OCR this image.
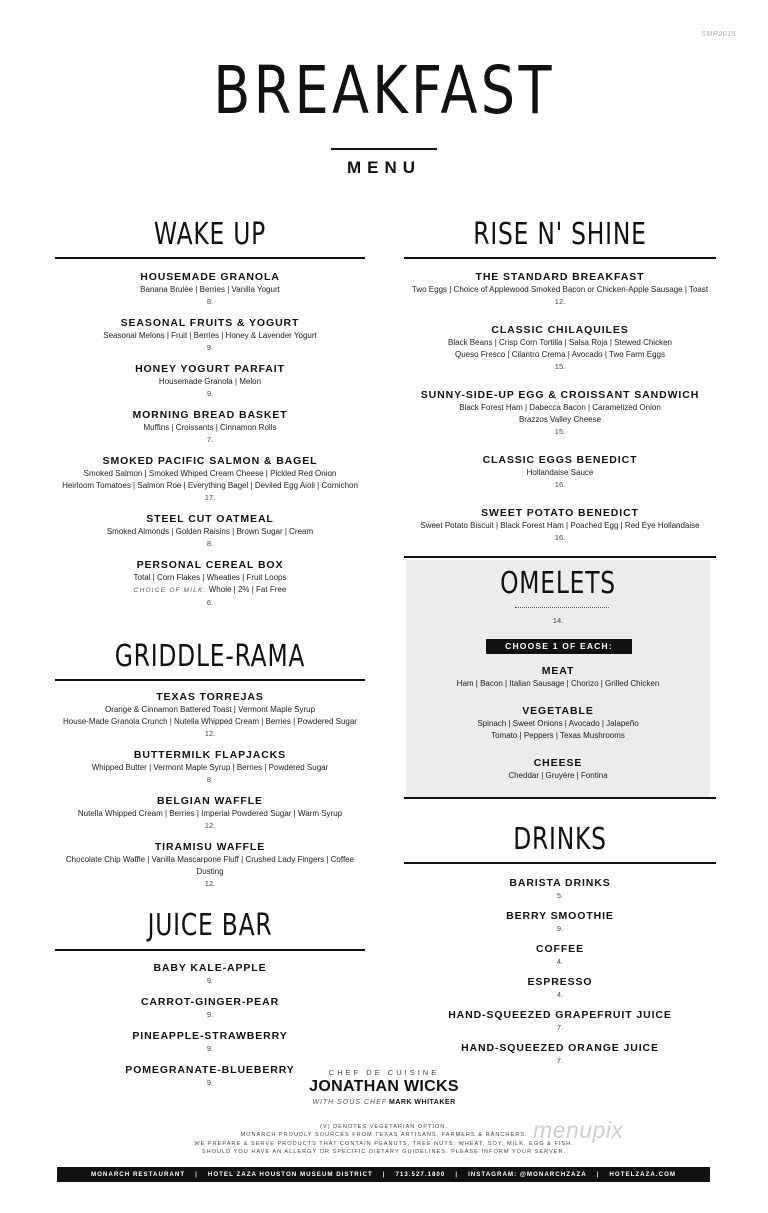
SMR2015
BREAKFAST
MENU
WAKE UP
HOUSEMADE GRANOLA
Banana Brulée | Berries | Vanilla Yogurt
8.
SEASONAL FRUITS & YOGURT
Seasonal Melons | Fruit | Berries | Honey & Lavender Yogurt
9.
HONEY YOGURT PARFAIT
Housemade Granola | Melon
9.
MORNING BREAD BASKET
Muffins | Croissants | Cinnamon Rolls
7.
SMOKED PACIFIC SALMON & BAGEL
Smoked Salmon | Smoked Whiped Cream Cheese | Pickled Red Onion
Heirloom Tomatoes | Salmon Roe | Everything Bagel | Deviled Egg Aioli | Cornichon
17.
STEEL CUT OATMEAL
Smoked Almonds | Golden Raisins | Brown Sugar | Cream
8.
PERSONAL CEREAL BOX
Total | Corn Flakes | Wheaties | Fruit Loops
CHOICE OF MILK: Whole | 2% | Fat Free
6.
GRIDDLE-RAMA
TEXAS TORREJAS
Orange & Cinnamon Battered Toast | Vermont Maple Syrup
House-Made Granola Crunch | Nutella Whipped Cream | Berries | Powdered Sugar
12.
BUTTERMILK FLAPJACKS
Whipped Butter | Vermont Maple Syrup | Berries | Powdered Sugar
8.
BELGIAN WAFFLE
Nutella Whipped Cream | Berries | Imperial Powdered Sugar | Warm Syrup
12.
TIRAMISU WAFFLE
Chocolate Chip Waffle | Vanilla Mascarpone Fluff | Crushed Lady Fingers | Coffee Dusting
12.
JUICE BAR
BABY KALE-APPLE
9.
CARROT-GINGER-PEAR
9.
PINEAPPLE-STRAWBERRY
9.
POMEGRANATE-BLUEBERRY
9.
RISE N' SHINE
THE STANDARD BREAKFAST
Two Eggs | Choice of Applewood Smoked Bacon or Chicken-Apple Sausage | Toast
12.
CLASSIC CHILAQUILES
Black Beans | Crisp Corn Tortilla | Salsa Roja | Stewed Chicken
Queso Fresco | Cilantro Crema | Avocado | Two Farm Eggs
15.
SUNNY-SIDE-UP EGG & CROISSANT SANDWICH
Black Forest Ham | Dabecca Bacon | Caramelized Onion
Brazzos Valley Cheese
15.
CLASSIC EGGS BENEDICT
Hollandaise Sauce
16.
SWEET POTATO BENEDICT
Sweet Potato Biscuit | Black Forest Ham | Poached Egg | Red Eye Hollandaise
16.
OMELETS
14.
CHOOSE 1 OF EACH:
MEAT
Ham | Bacon | Italian Sausage | Chorizo | Grilled Chicken
VEGETABLE
Spinach | Sweet Onions | Avocado | Jalapeño
Tomato | Peppers | Texas Mushrooms
CHEESE
Cheddar | Gruyère | Fontina
DRINKS
BARISTA DRINKS
5.
BERRY SMOOTHIE
9.
COFFEE
4.
ESPRESSO
4.
HAND-SQUEEZED GRAPEFRUIT JUICE
7.
HAND-SQUEEZED ORANGE JUICE
7.
CHEF DE CUISINE
JONATHAN WICKS
WITH SOUS CHEF MARK WHITAKER
(V) DENOTES VEGETARIAN OPTION.
MONARCH PROUDLY SOURCES FROM TEXAS ARTISANS, FARMERS & RANCHERS.
WE PREPARE & SERVE PRODUCTS THAT CONTAIN PEANUTS, TREE NUTS, WHEAT, SOY, MILK, EGG & FISH.
SHOULD YOU HAVE AN ALLERGY OR SPECIFIC DIETARY GUIDELINES, PLEASE INFORM YOUR SERVER.
menupix
MONARCH RESTAURANT | HOTEL ZAZA HOUSTON MUSEUM DISTRICT | 713.527.1800 | INSTAGRAM: @MONARCHZAZA | HOTELZAZA.COM
